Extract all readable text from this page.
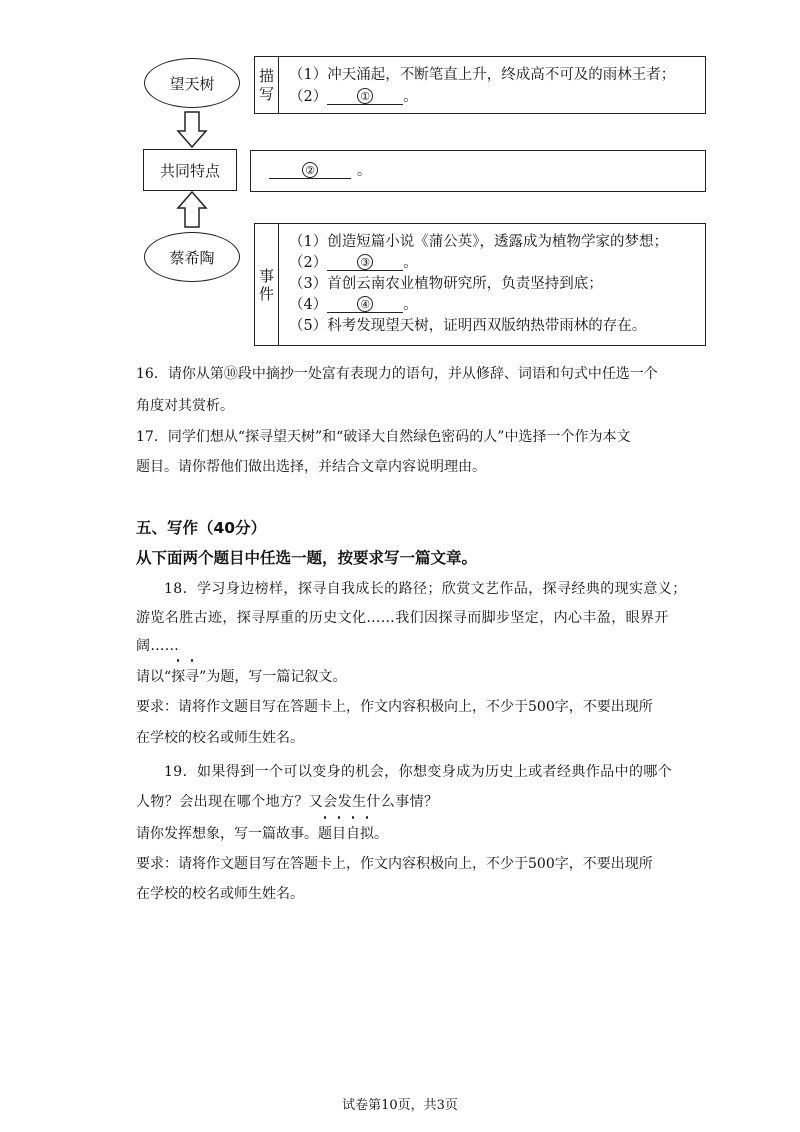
望天树	描
写
（1）冲天涌起，不断笔直上升，终成高不可及的雨林王者；
（2）	① 。
共同特点	②	。
蔡希陶
事
件
（1）创造短篇小说《蒲公英》，透露成为植物学家的梦想；
（2）	③ 。
（3）首创云南农业植物研究所，负责坚持到底；
（4）	④ 。
（5）科考发现望天树，证明西双版纳热带雨林的存在。
16．请你从第⑩段中摘抄一处富有表现力的语句，并从修辞、词语和句式中任选一个
角度对其赏析。
17．同学们想从“探寻望天树”和“破译大自然绿色密码的人”中选择一个作为本文
题目。请你帮他们做出选择，并结合文章内容说明理由。
五、写作（40分）
从下面两个题目中任选一题，按要求写一篇文章。
18．学习身边榜样，探寻自我成长的路径；欣赏文艺作品，探寻经典的现实意义；
游览名胜古迹，探寻厚重的历史文化……我们因探寻而脚步坚定，内心丰盈，眼界开
阔……
请以“探寻”为题，写一篇记叙文。
要求：请将作文题目写在答题卡上，作文内容积极向上，不少于500字，不要出现所
在学校的校名或师生姓名。
19．如果得到一个可以变身的机会，你想变身成为历史上或者经典作品中的哪个
人物？会出现在哪个地方？又会发生什么事情？
请你发挥想象，写一篇故事。题目自拟。
要求：请将作文题目写在答题卡上，作文内容积极向上，不少于500字，不要出现所
在学校的校名或师生姓名。
试卷第10页，共3页
